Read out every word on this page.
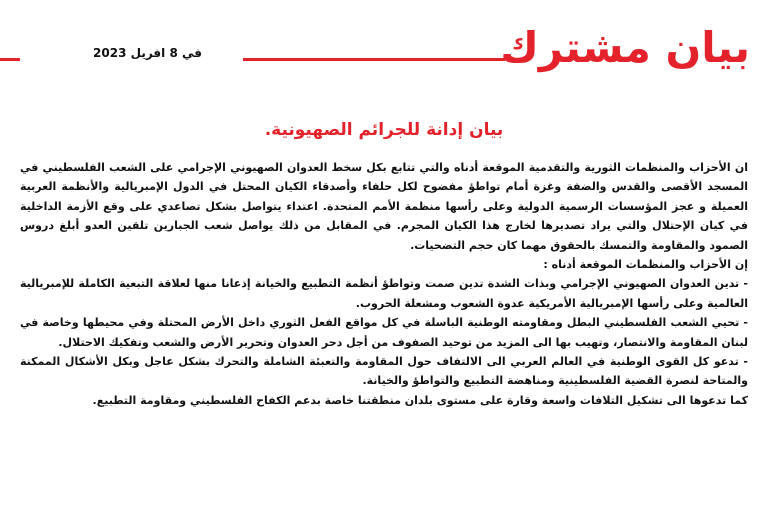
بيان مشترك
في 8 افريل 2023
بيان إدانة للجرائم الصهيونية.

ان الأحزاب والمنظمات الثورية والتقدمية الموقعة أدناه والتي تتابع بكل سخط العدوان الصهيوني الإجرامي على الشعب الفلسطيني في المسجد الأقصى والقدس والضفة وغزة أمام تواطؤ مفضوح لكل حلفاء وأصدقاء الكيان المحتل في الدول الإمبريالية والأنظمة العربية العميلة و عجز المؤسسات الرسمية الدولية وعلى رأسها منظمة الأمم المتحدة. اعتداء يتواصل بشكل تصاعدي على وقع الأزمة الداخلية في كيان الإحتلال والتي يراد تصديرها لخارج هذا الكيان المجرم. في المقابل من ذلك يواصل شعب الجبارين تلقين العدو أبلغ دروس الصمود والمقاومة والتمسك بالحقوق مهما كان حجم التضحيات.

إن الأحزاب والمنظمات الموقعة أدناه :

- تدين العدوان الصهيوني الإجرامي وبذات الشدة تدين صمت وتواطؤ أنظمة التطبيع والخيانة إذعانا منها لعلاقة التبعية الكاملة للإمبريالية العالمية وعلى رأسها الإمبريالية الأمريكية عدوة الشعوب ومشعلة الحروب.

- تحيي الشعب الفلسطيني البطل ومقاومته الوطنية الباسلة في كل مواقع الفعل الثوري داخل الأرض المحتلة وفي محيطها وخاصة في لبنان المقاومة والانتصار، وتهيب بها الى المزيد من توحيد الصفوف من أجل دحر العدوان وتحرير الأرض والشعب وتفكيك الاحتلال.

- تدعو كل القوى الوطنية في العالم العربي الى الالتفاف حول المقاومة والتعبئة الشاملة والتحرك بشكل عاجل وبكل الأشكال الممكنة والمتاحة لنصرة القضية الفلسطينية ومناهضة التطبيع والتواطؤ والخيانة.

كما تدعوها الى تشكيل التلافات واسعة وقارة على مستوى بلدان منطقتنا خاصة بدعم الكفاح الفلسطيني ومقاومة التطبيع.
